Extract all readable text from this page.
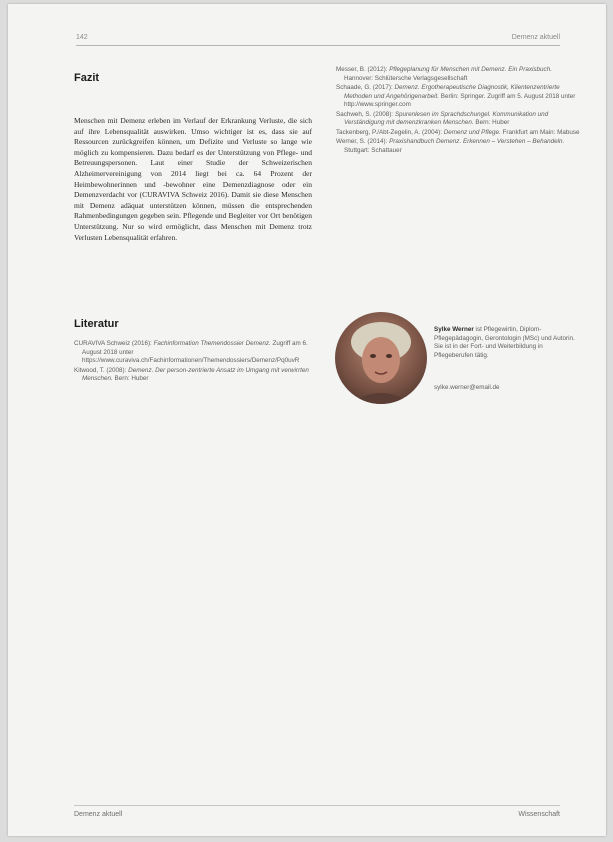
142	Demenz aktuell
Fazit

Menschen mit Demenz erleben im Verlauf der Erkrankung Verluste, die sich auf ihre Lebensqualität auswirken. Umso wichtiger ist es, dass sie auf Ressourcen zurückgreifen können, um Defizite und Verluste so lange wie möglich zu kompensieren. Dazu bedarf es der Unterstützung von Pflege- und Betreuungspersonen. Laut einer Studie der Schweizerischen Alzheimervereinigung von 2014 liegt bei ca. 64 Prozent der Heimbewohnerinnen und -bewohner eine Demenzdiagnose oder ein Demenzverdacht vor (CURAVIVA Schweiz 2016). Damit sie diese Menschen mit Demenz adäquat unterstützen können, müssen die entsprechenden Rahmenbedingungen gegeben sein. Pflegende und Begleiter vor Ort benötigen Unterstützung. Nur so wird ermöglicht, dass Menschen mit Demenz trotz Verlusten Lebensqualität erfahren.

Literatur

CURAVIVA Schweiz (2016): Fachinformation Themendossier Demenz. Zugriff am 6. August 2018 unter https://www.curaviva.ch/Fachinformationen/Themendossiers/Demenz/Pq0uvR

Kitwood, T. (2008): Demenz. Der person-zentrierte Ansatz im Umgang mit verwirrten Menschen. Bern: Huber

Messer, B. (2012): Pflegeplanung für Menschen mit Demenz. Ein Praxisbuch. Hannover: Schlütersche Verlagsgesellschaft

Schaade, G. (2017): Demenz. Ergotherapeutische Diagnostik, Klientenzentrierte Methoden und Angehörigenarbeit. Berlin: Springer. Zugriff am 5. August 2018 unter http://www.springer.com

Sachweh, S. (2008): Spurenlesen im Sprachdschungel. Kommunikation und Verständigung mit demenzkranken Menschen. Bern: Huber

Tackenberg, P./Abt-Zegelin, A. (2004): Demenz und Pflege. Frankfurt am Main: Mabuse

Werner, S. (2014): Praxishandbuch Demenz. Erkennen – Verstehen – Behandeln. Stuttgart: Schattauer

Sylke Werner ist Pflegewirtin, Diplom-Pflegepädagogin, Gerontologin (MSc) und Autorin. Sie ist in der Fort- und Weiterbildung in Pflegeberufen tätig.

sylke.werner@email.de
Demenz aktuell	Wissenschaft
